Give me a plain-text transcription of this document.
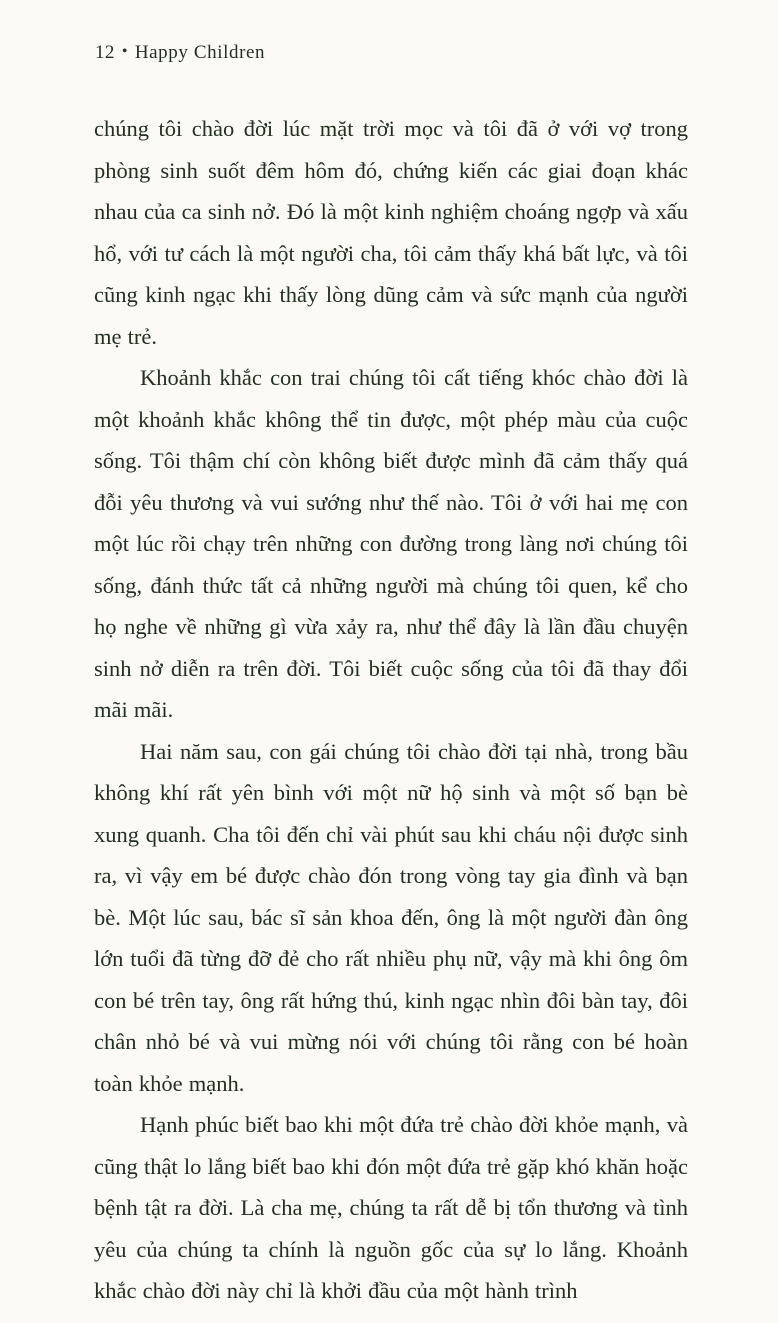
12 • Happy Children

chúng tôi chào đời lúc mặt trời mọc và tôi đã ở với vợ trong phòng sinh suốt đêm hôm đó, chứng kiến các giai đoạn khác nhau của ca sinh nở. Đó là một kinh nghiệm choáng ngợp và xấu hổ, với tư cách là một người cha, tôi cảm thấy khá bất lực, và tôi cũng kinh ngạc khi thấy lòng dũng cảm và sức mạnh của người mẹ trẻ.

Khoảnh khắc con trai chúng tôi cất tiếng khóc chào đời là một khoảnh khắc không thể tin được, một phép màu của cuộc sống. Tôi thậm chí còn không biết được mình đã cảm thấy quá đỗi yêu thương và vui sướng như thế nào. Tôi ở với hai mẹ con một lúc rồi chạy trên những con đường trong làng nơi chúng tôi sống, đánh thức tất cả những người mà chúng tôi quen, kể cho họ nghe về những gì vừa xảy ra, như thể đây là lần đầu chuyện sinh nở diễn ra trên đời. Tôi biết cuộc sống của tôi đã thay đổi mãi mãi.

Hai năm sau, con gái chúng tôi chào đời tại nhà, trong bầu không khí rất yên bình với một nữ hộ sinh và một số bạn bè xung quanh. Cha tôi đến chỉ vài phút sau khi cháu nội được sinh ra, vì vậy em bé được chào đón trong vòng tay gia đình và bạn bè. Một lúc sau, bác sĩ sản khoa đến, ông là một người đàn ông lớn tuổi đã từng đỡ đẻ cho rất nhiều phụ nữ, vậy mà khi ông ôm con bé trên tay, ông rất hứng thú, kinh ngạc nhìn đôi bàn tay, đôi chân nhỏ bé và vui mừng nói với chúng tôi rằng con bé hoàn toàn khỏe mạnh.

Hạnh phúc biết bao khi một đứa trẻ chào đời khỏe mạnh, và cũng thật lo lắng biết bao khi đón một đứa trẻ gặp khó khăn hoặc bệnh tật ra đời. Là cha mẹ, chúng ta rất dễ bị tổn thương và tình yêu của chúng ta chính là nguồn gốc của sự lo lắng. Khoảnh khắc chào đời này chỉ là khởi đầu của một hành trình
